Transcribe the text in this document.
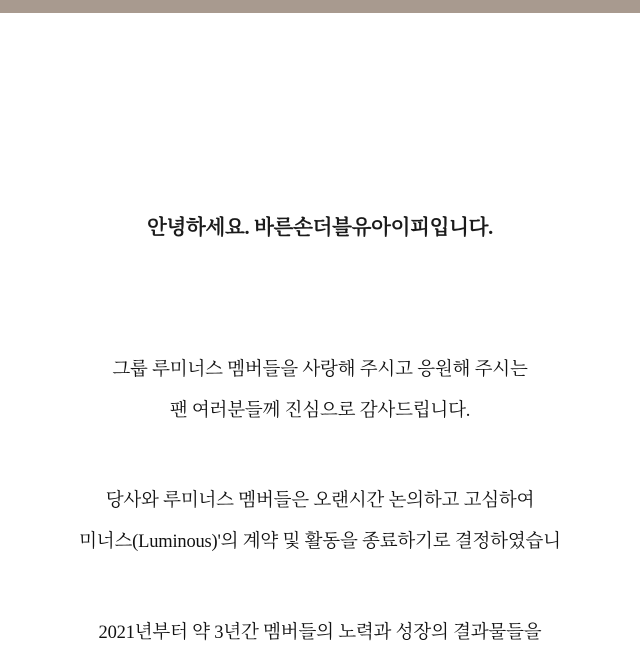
안녕하세요. 바른손더블유아이피입니다.
그룹 루미너스 멤버들을 사랑해 주시고 응원해 주시는
팬 여러분들께 진심으로 감사드립니다.
당사와 루미너스 멤버들은 오랜시간 논의하고 고심하여
미너스(Luminous)'의 계약 및 활동을 종료하기로 결정하였습니
2021년부터 약 3년간 멤버들의 노력과 성장의 결과물들을
